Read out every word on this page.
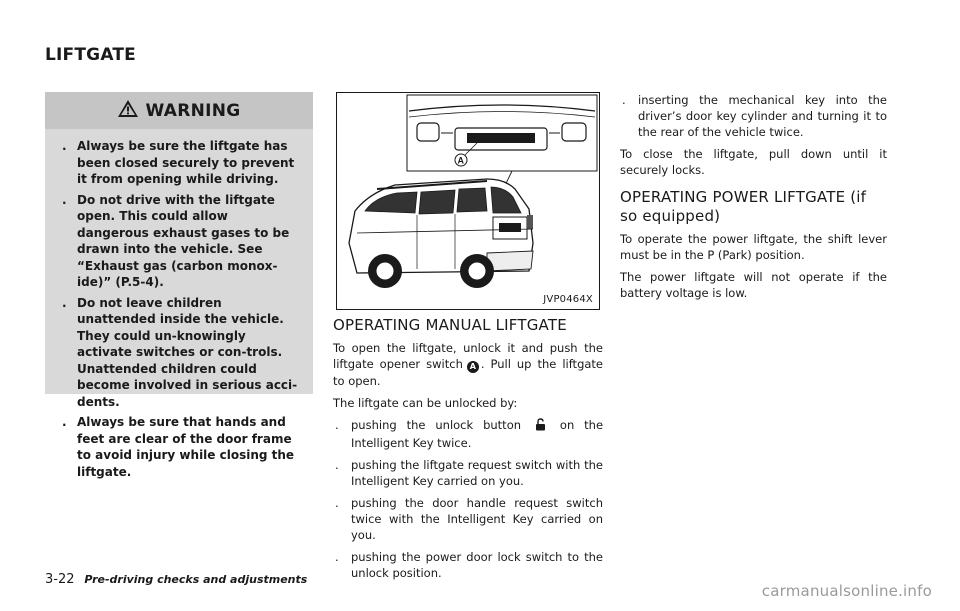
LIFTGATE
WARNING
. Always be sure the liftgate has been closed securely to prevent it from opening while driving.
. Do not drive with the liftgate open. This could allow dangerous exhaust gases to be drawn into the vehicle. See “Exhaust gas (carbon monox-ide)” (P.5-4).
. Do not leave children unattended inside the vehicle. They could un-knowingly activate switches or con-trols. Unattended children could become involved in serious acci-dents.
. Always be sure that hands and feet are clear of the door frame to avoid injury while closing the liftgate.
A
JVP0464X
OPERATING MANUAL LIFTGATE

To open the liftgate, unlock it and push the liftgate opener switch A . Pull up the liftgate to open.

The liftgate can be unlocked by:

. pushing the unlock button	on the Intelligent Key twice.
. pushing the liftgate request switch with the Intelligent Key carried on you.
. pushing the door handle request switch twice with the Intelligent Key carried on you.
. pushing the power door lock switch to the unlock position.
. inserting the mechanical key into the driver’s door key cylinder and turning it to the rear of the vehicle twice.

To close the liftgate, pull down until it securely locks.

OPERATING POWER LIFTGATE (if so equipped)

To operate the power liftgate, the shift lever must be in the P (Park) position.

The power liftgate will not operate if the battery voltage is low.

3-22 Pre-driving checks and adjustments
carmanualsonline.info
